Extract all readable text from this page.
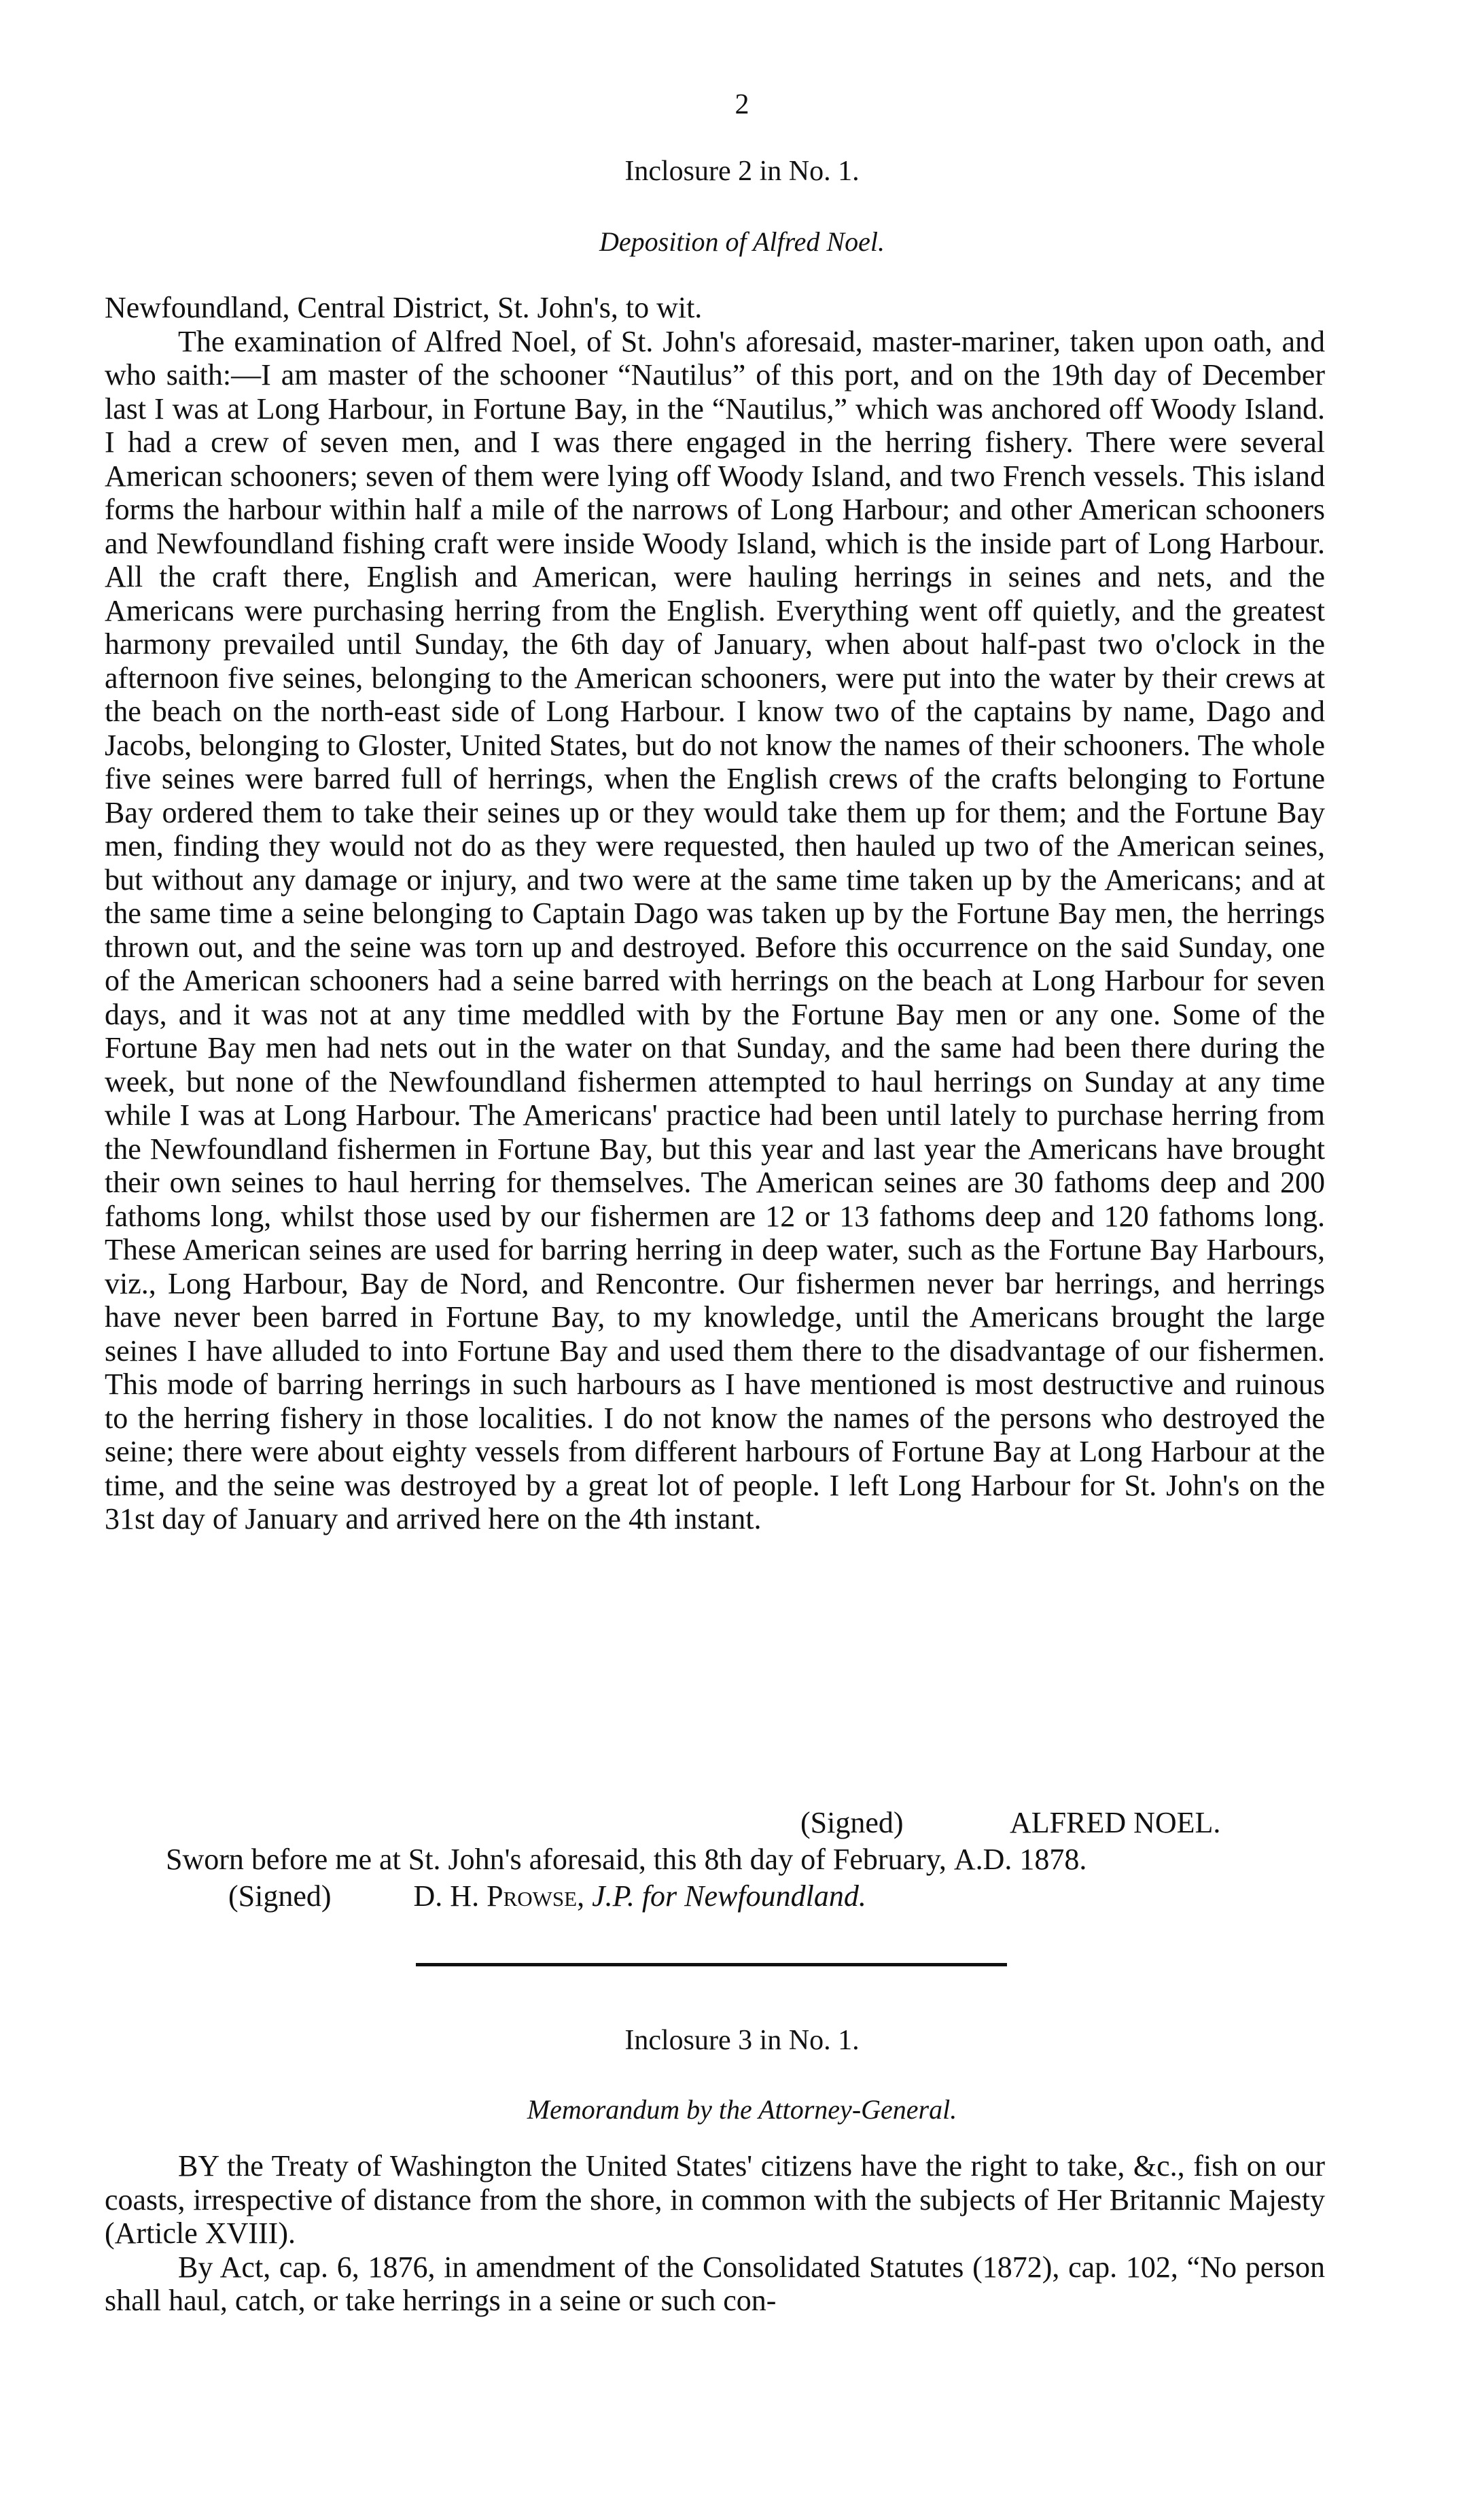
2
Inclosure 2 in No. 1.
Deposition of Alfred Noel.

Newfoundland, Central District, St. John's, to wit.

The examination of Alfred Noel, of St. John's aforesaid, master-mariner, taken upon oath, and who saith:—I am master of the schooner “Nautilus” of this port, and on the 19th day of December last I was at Long Harbour, in Fortune Bay, in the “Nautilus,” which was anchored off Woody Island. I had a crew of seven men, and I was there engaged in the herring fishery. There were several American schooners; seven of them were lying off Woody Island, and two French vessels. This island forms the harbour within half a mile of the narrows of Long Harbour; and other American schooners and Newfoundland fishing craft were inside Woody Island, which is the inside part of Long Harbour. All the craft there, English and American, were hauling herrings in seines and nets, and the Americans were purchasing herring from the English. Everything went off quietly, and the greatest harmony prevailed until Sunday, the 6th day of January, when about half-past two o'clock in the afternoon five seines, belonging to the American schooners, were put into the water by their crews at the beach on the north-east side of Long Harbour. I know two of the captains by name, Dago and Jacobs, belonging to Gloster, United States, but do not know the names of their schooners. The whole five seines were barred full of herrings, when the English crews of the crafts belonging to Fortune Bay ordered them to take their seines up or they would take them up for them; and the Fortune Bay men, finding they would not do as they were requested, then hauled up two of the American seines, but without any damage or injury, and two were at the same time taken up by the Americans; and at the same time a seine belonging to Captain Dago was taken up by the Fortune Bay men, the herrings thrown out, and the seine was torn up and destroyed. Before this occurrence on the said Sunday, one of the American schooners had a seine barred with herrings on the beach at Long Harbour for seven days, and it was not at any time meddled with by the Fortune Bay men or any one. Some of the Fortune Bay men had nets out in the water on that Sunday, and the same had been there during the week, but none of the Newfoundland fishermen attempted to haul herrings on Sunday at any time while I was at Long Harbour. The Americans' practice had been until lately to purchase herring from the Newfoundland fishermen in Fortune Bay, but this year and last year the Americans have brought their own seines to haul herring for themselves. The American seines are 30 fathoms deep and 200 fathoms long, whilst those used by our fishermen are 12 or 13 fathoms deep and 120 fathoms long. These American seines are used for barring herring in deep water, such as the Fortune Bay Harbours, viz., Long Harbour, Bay de Nord, and Rencontre. Our fishermen never bar herrings, and herrings have never been barred in Fortune Bay, to my knowledge, until the Americans brought the large seines I have alluded to into Fortune Bay and used them there to the disadvantage of our fishermen. This mode of barring herrings in such harbours as I have mentioned is most destructive and ruinous to the herring fishery in those localities. I do not know the names of the persons who destroyed the seine; there were about eighty vessels from different harbours of Fortune Bay at Long Harbour at the time, and the seine was destroyed by a great lot of people. I left Long Harbour for St. John's on the 31st day of January and arrived here on the 4th instant.

(Signed)	ALFRED NOEL.
Sworn before me at St. John's aforesaid, this 8th day of February, A.D. 1878.
(Signed)	D. H. Prowse, J.P. for Newfoundland.
Inclosure 3 in No. 1.
Memorandum by the Attorney-General.

BY the Treaty of Washington the United States' citizens have the right to take, &c., fish on our coasts, irrespective of distance from the shore, in common with the subjects of Her Britannic Majesty (Article XVIII).

By Act, cap. 6, 1876, in amendment of the Consolidated Statutes (1872), cap. 102, “No person shall haul, catch, or take herrings in a seine or such con-
